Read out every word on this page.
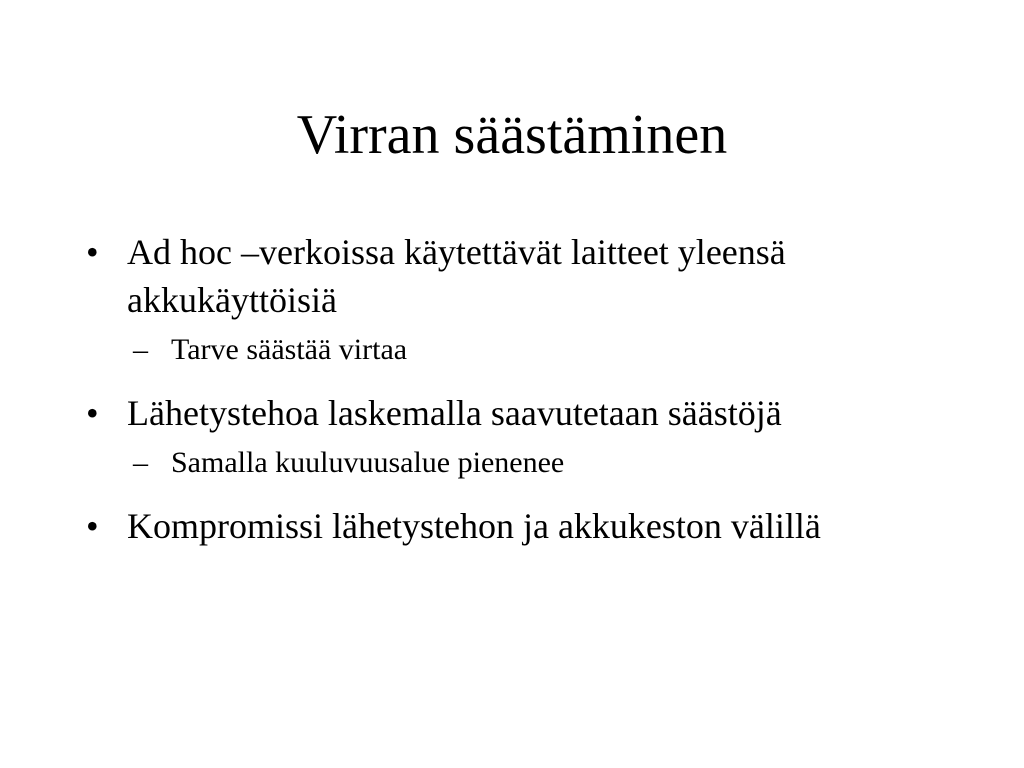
Virran säästäminen
• Ad hoc –verkoissa käytettävät laitteet yleensä akkukäyttöisiä
– Tarve säästää virtaa
• Lähetystehoa laskemalla saavutetaan säästöjä
– Samalla kuuluvuusalue pienenee
• Kompromissi lähetystehon ja akkukeston välillä
